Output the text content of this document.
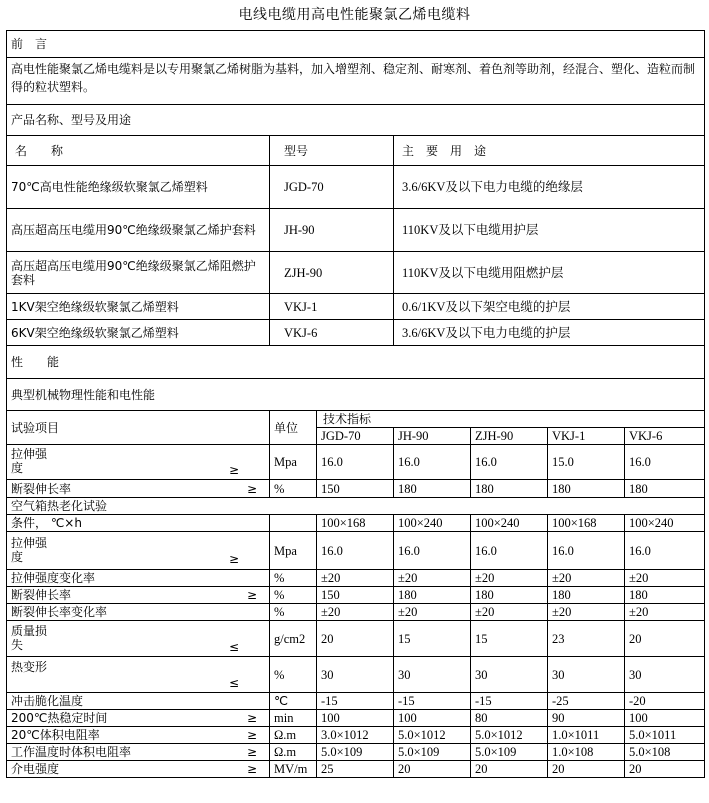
电线电缆用高电性能聚氯乙烯电缆料
前　言						
高电性能聚氯乙烯电缆料是以专用聚氯乙烯树脂为基料，加入增塑剂、稳定剂、耐寒剂、着色剂等助剂，经混合、塑化、造粒而制得的粒状塑料。						
产品名称、型号及用途						
名　　称	型号		主　要　用　途			
70℃高电性能绝缘级软聚氯乙烯塑料	JGD-70		3.6/6KV及以下电力电缆的绝缘层			
高压超高压电缆用90℃绝缘级聚氯乙烯护套料	JH-90		110KV及以下电缆用护层			
高压超高压电缆用90℃绝缘级聚氯乙烯阻燃护套料	ZJH-90		110KV及以下电缆用阻燃护层			
1KV架空绝缘级软聚氯乙烯塑料	VKJ-1		0.6/1KV及以下架空电缆的护层			
6KV架空绝缘级软聚氯乙烯塑料	VKJ-6		3.6/6KV及以下电力电缆的护层			
性　　能						
典型机械物理性能和电性能						
试验项目	单位	技术指标				
		JGD-70	JH-90	ZJH-90	VKJ-1	VKJ-6

≥
拉伸强度	Mpa	16.0	16.0	16.0	15.0	16.0

≥
断裂伸长率	%	150	180	180	180	180
空气箱热老化试验						
条件， ℃×h		100×168	100×240	100×240	100×168	100×240

≥
拉伸强度	Mpa	16.0	16.0	16.0	16.0	16.0
拉伸强度变化率	%	±20	±20	±20	±20	±20

≥
断裂伸长率	%	150	180	180	180	180
断裂伸长率变化率	%	±20	±20	±20	±20	±20

≤
质量损失	g/cm2	20	15	15	23	20

≤
热变形	%	30	30	30	30	30
冲击脆化温度	℃	-15	-15	-15	-25	-20

≥
200℃热稳定时间	min	100	100	80	90	100

≥
20℃体积电阻率	Ω.m	3.0×1012	5.0×1012	5.0×1012	1.0×1011	5.0×1011

≥
工作温度时体积电阻率	Ω.m	5.0×109	5.0×109	5.0×109	1.0×108	5.0×108

≥
介电强度	MV/m	25	20	20	20	20
